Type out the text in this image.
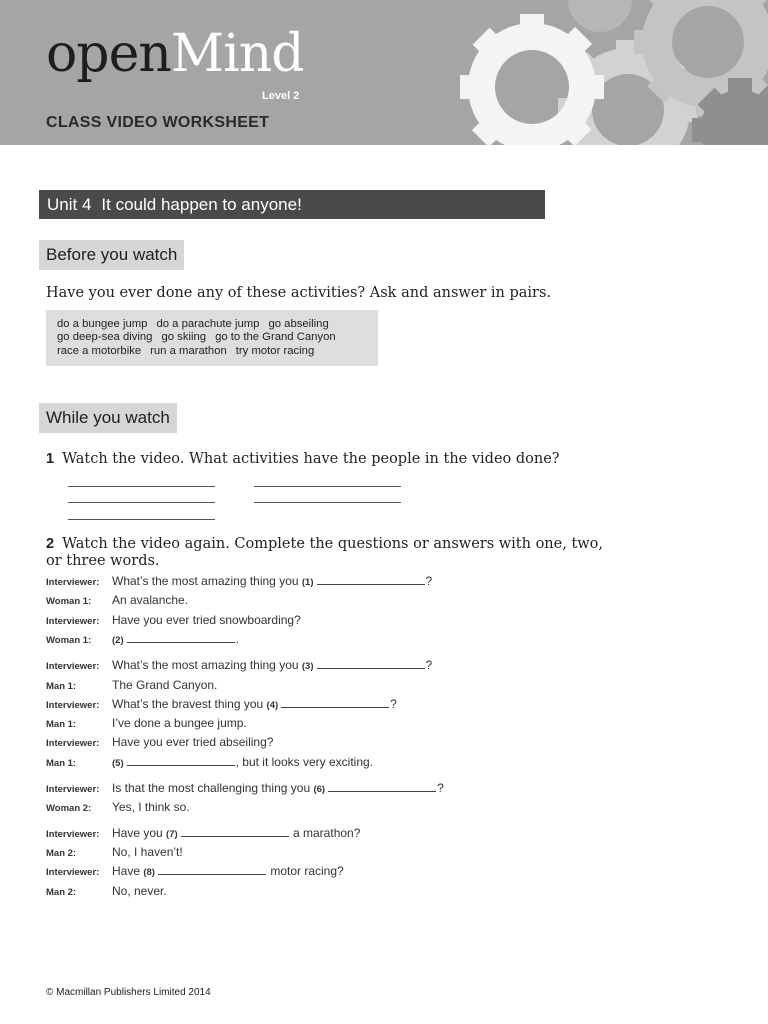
openMind
Level 2
CLASS VIDEO WORKSHEET
Unit 4 It could happen to anyone!
Before you watch
Have you ever done any of these activities? Ask and answer in pairs.
do a bungee jump do a parachute jump go abseiling
go deep-sea diving go skiing go to the Grand Canyon
race a motorbike run a marathon try motor racing
While you watch
1 Watch the video. What activities have the people in the video done?
2 Watch the video again. Complete the questions or answers with one, two,
or three words.
Interviewer: What’s the most amazing thing you (1)	?
Woman 1: An avalanche.
Interviewer: Have you ever tried snowboarding?
Woman 1: (2)	.
Interviewer: What’s the most amazing thing you (3)	?
Man 1:	The Grand Canyon.
Interviewer: What’s the bravest thing you (4)	?
Man 1:	I’ve done a bungee jump.
Interviewer: Have you ever tried abseiling?
Man 1:	(5)	, but it looks very exciting.
Interviewer: Is that the most challenging thing you (6)	?
Woman 2: Yes, I think so.
Interviewer: Have you (7)	a marathon?
Man 2:	No, I haven’t!
Interviewer: Have (8)	motor racing?
Man 2:	No, never.
© Macmillan Publishers Limited 2014
